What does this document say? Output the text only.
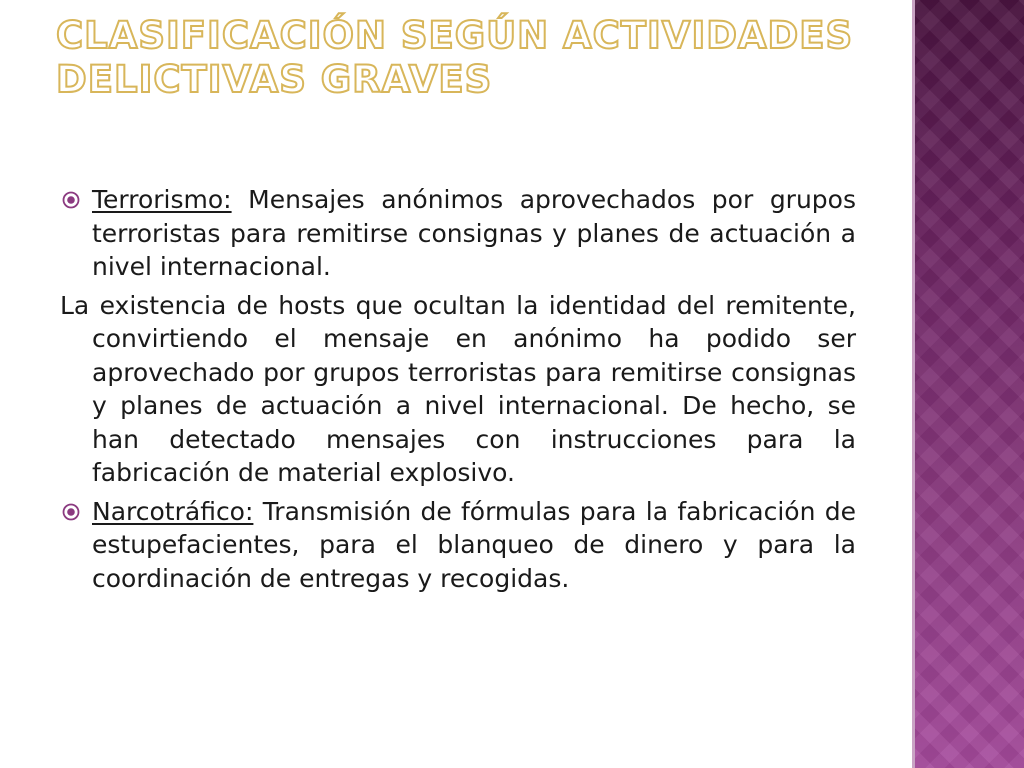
CLASIFICACIÓN SEGÚN ACTIVIDADES
DELICTIVAS GRAVES

Terrorismo: Mensajes anónimos aprovechados por grupos terroristas para remitirse consignas y planes de actuación a nivel internacional.

La existencia de hosts que ocultan la identidad del remitente, convirtiendo el mensaje en anónimo ha podido ser aprovechado por grupos terroristas para remitirse consignas y planes de actuación a nivel internacional. De hecho, se han detectado mensajes con instrucciones para la fabricación de material explosivo.

Narcotráfico: Transmisión de fórmulas para la fabricación de estupefacientes, para el blanqueo de dinero y para la coordinación de entregas y recogidas.
